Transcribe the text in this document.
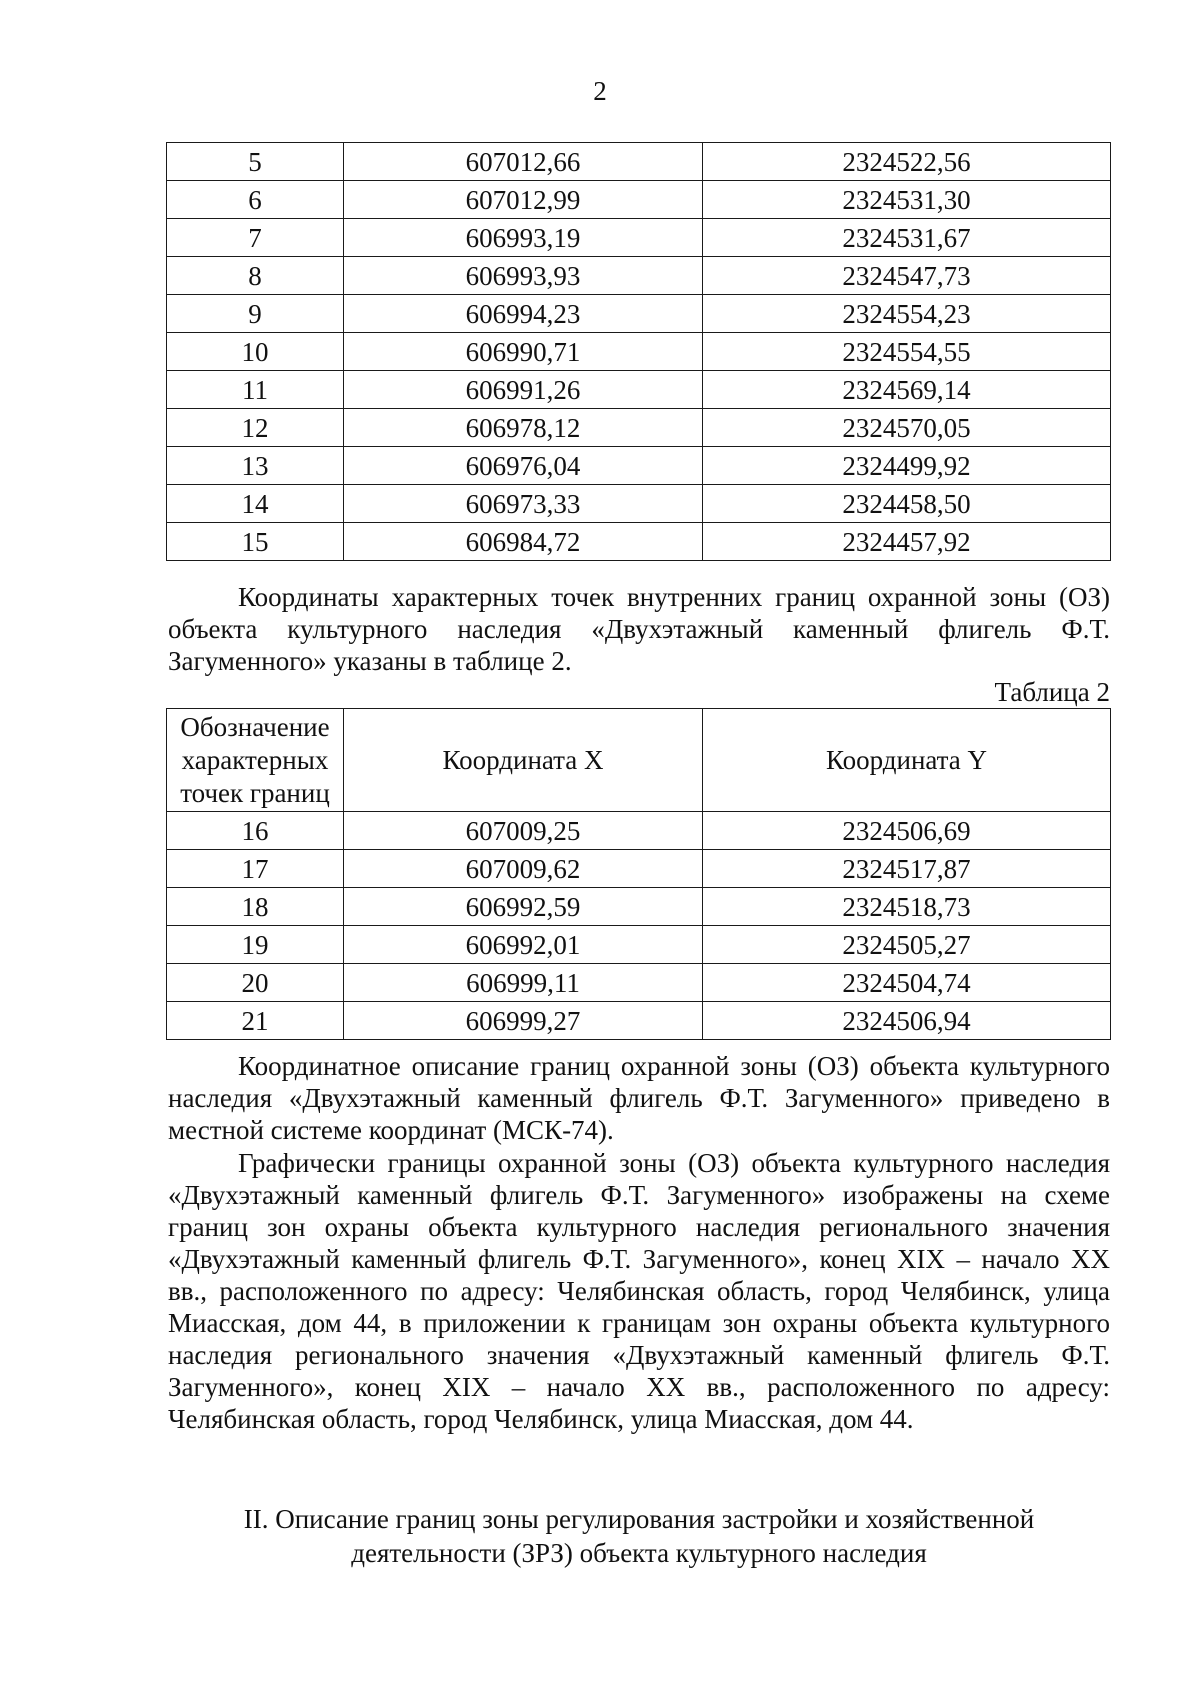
2
5	607012,66	2324522,56
6	607012,99	2324531,30
7	606993,19	2324531,67
8	606993,93	2324547,73
9	606994,23	2324554,23
10	606990,71	2324554,55
11	606991,26	2324569,14
12	606978,12	2324570,05
13	606976,04	2324499,92
14	606973,33	2324458,50
15	606984,72	2324457,92

Координаты характерных точек внутренних границ охранной зоны (ОЗ) объекта культурного наследия «Двухэтажный каменный флигель Ф.Т. Загуменного» указаны в таблице 2.

Таблица 2
Обозначение
характерных
точек границ	Координата X	Координата Y
16	607009,25	2324506,69
17	607009,62	2324517,87
18	606992,59	2324518,73
19	606992,01	2324505,27
20	606999,11	2324504,74
21	606999,27	2324506,94

Координатное описание границ охранной зоны (ОЗ) объекта культурного наследия «Двухэтажный каменный флигель Ф.Т. Загуменного» приведено в местной системе координат (МСК-74).

Графически границы охранной зоны (ОЗ) объекта культурного наследия «Двухэтажный каменный флигель Ф.Т. Загуменного» изображены на схеме границ зон охраны объекта культурного наследия регионального значения «Двухэтажный каменный флигель Ф.Т. Загуменного», конец XIX – начало XX вв., расположенного по адресу: Челябинская область, город Челябинск, улица Миасская, дом 44, в приложении к границам зон охраны объекта культурного наследия регионального значения «Двухэтажный каменный флигель Ф.Т. Загуменного», конец XIX – начало XX вв., расположенного по адресу: Челябинская область, город Челябинск, улица Миасская, дом 44.

II. Описание границ зоны регулирования застройки и хозяйственной
деятельности (ЗРЗ) объекта культурного наследия
